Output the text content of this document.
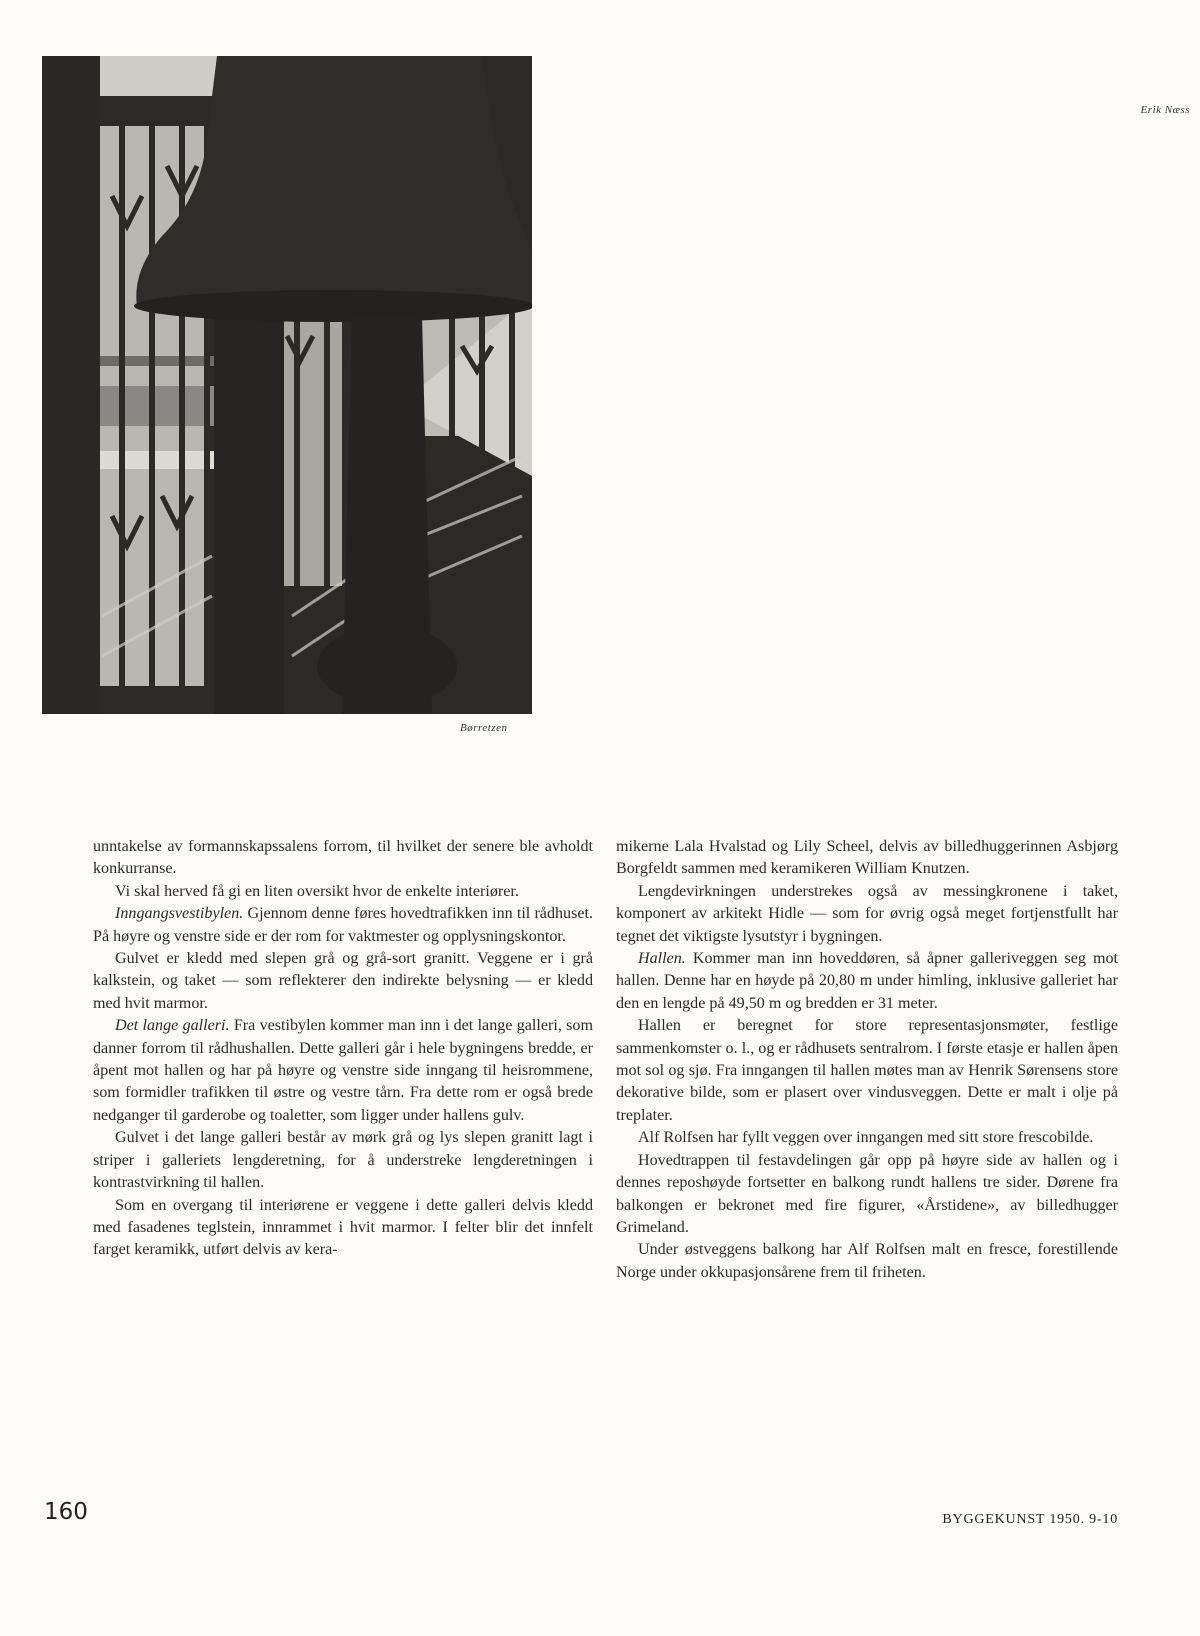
Erik Næss
Børretzen

unntakelse av formannskapssalens forrom, til hvilket der senere ble avholdt konkurranse.

Vi skal herved få gi en liten oversikt hvor de enkelte interiører.

Inngangsvestibylen. Gjennom denne føres hovedtrafikken inn til rådhuset. På høyre og venstre side er der rom for vaktmester og opplysningskontor.

Gulvet er kledd med slepen grå og grå-sort granitt. Veggene er i grå kalkstein, og taket — som reflekterer den indirekte belysning — er kledd med hvit marmor.

Det lange galleri. Fra vestibylen kommer man inn i det lange galleri, som danner forrom til rådhushallen. Dette galleri går i hele bygningens bredde, er åpent mot hallen og har på høyre og venstre side inngang til heisrommene, som formidler trafikken til østre og vestre tårn. Fra dette rom er også brede nedganger til garderobe og toaletter, som ligger under hallens gulv.

Gulvet i det lange galleri består av mørk grå og lys slepen granitt lagt i striper i galleriets lengderetning, for å understreke lengderetningen i kontrastvirkning til hallen.

Som en overgang til interiørene er veggene i dette galleri delvis kledd med fasadenes teglstein, innrammet i hvit marmor. I felter blir det innfelt farget keramikk, utført delvis av kera-

mikerne Lala Hvalstad og Lily Scheel, delvis av billedhuggerinnen Asbjørg Borgfeldt sammen med keramikeren William Knutzen.

Lengdevirkningen understrekes også av messingkronene i taket, komponert av arkitekt Hidle — som for øvrig også meget fortjenstfullt har tegnet det viktigste lysutstyr i bygningen.

Hallen. Kommer man inn hoveddøren, så åpner galleriveggen seg mot hallen. Denne har en høyde på 20,80 m under himling, inklusive galleriet har den en lengde på 49,50 m og bredden er 31 meter.

Hallen er beregnet for store representasjonsmøter, festlige sammenkomster o. l., og er rådhusets sentralrom. I første etasje er hallen åpen mot sol og sjø. Fra inngangen til hallen møtes man av Henrik Sørensens store dekorative bilde, som er plasert over vindusveggen. Dette er malt i olje på treplater.

Alf Rolfsen har fyllt veggen over inngangen med sitt store frescobilde.

Hovedtrappen til festavdelingen går opp på høyre side av hallen og i dennes reposhøyde fortsetter en balkong rundt hallens tre sider. Dørene fra balkongen er bekronet med fire figurer, «Årstidene», av billedhugger Grimeland.

Under østveggens balkong har Alf Rolfsen malt en fresce, forestillende Norge under okkupasjonsårene frem til friheten.

160	BYGGEKUNST 1950. 9-10
